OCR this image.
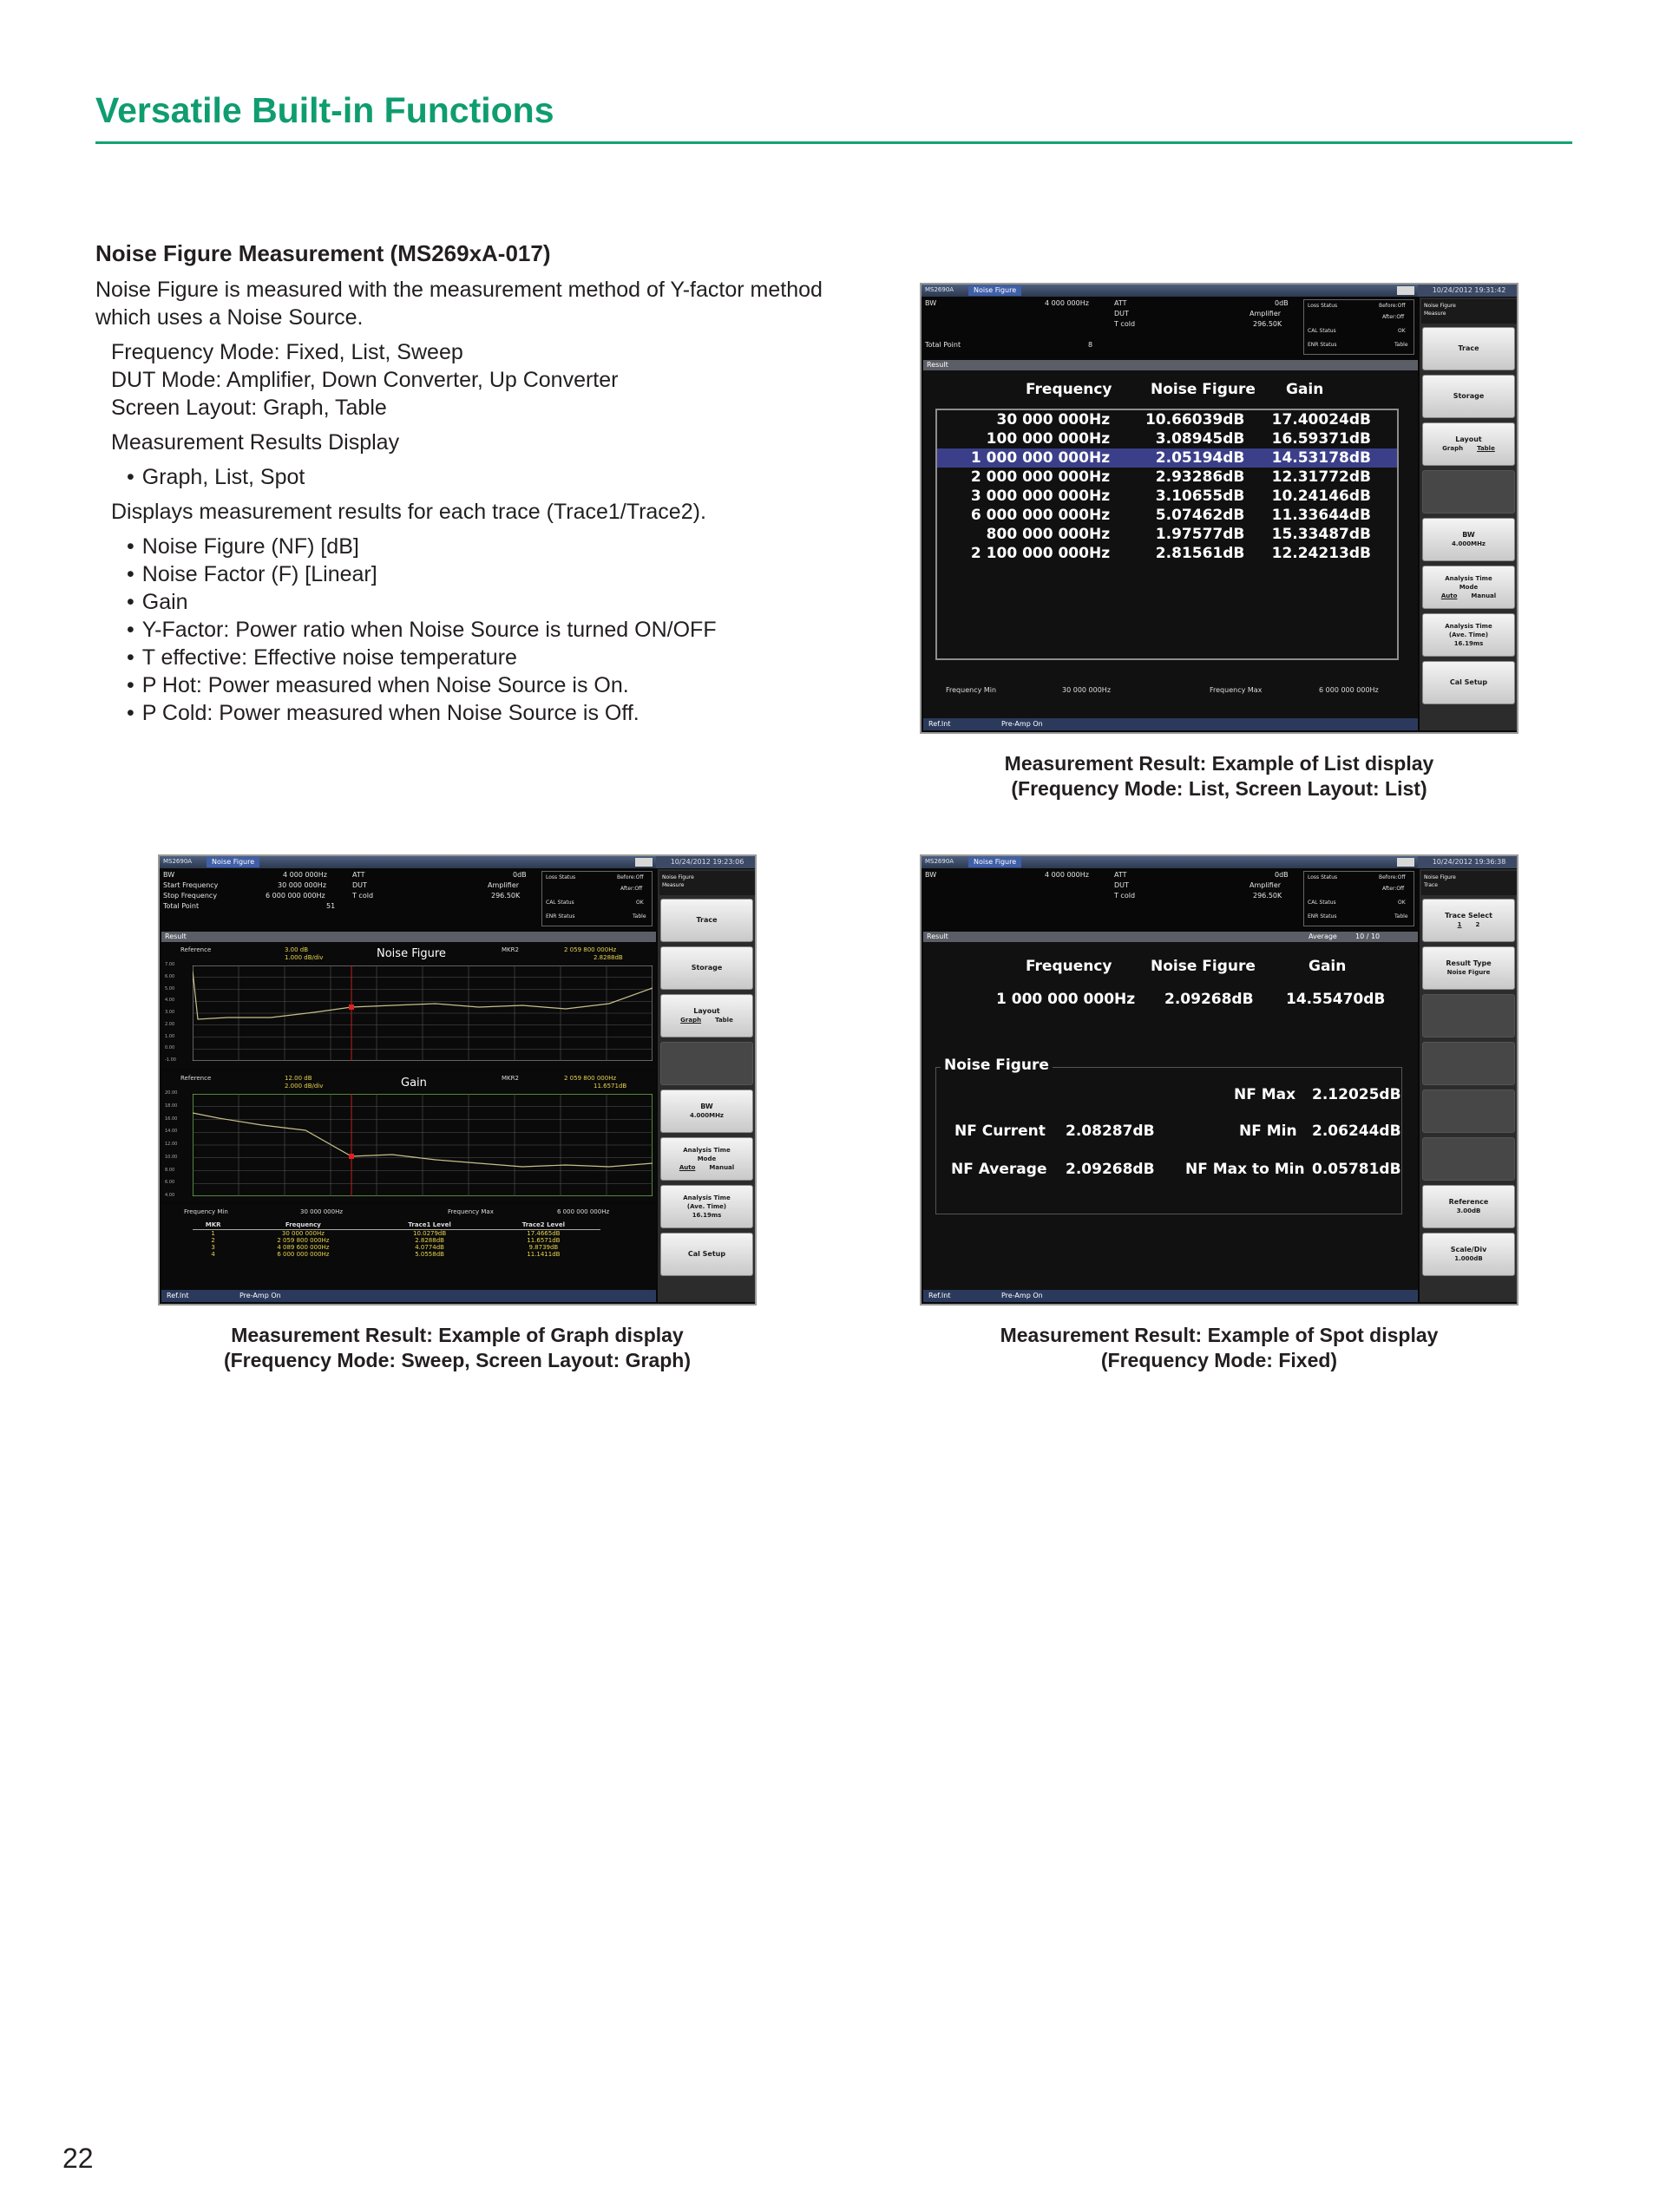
Versatile Built-in Functions
Noise Figure Measurement (MS269xA-017)
Noise Figure is measured with the measurement method of Y-factor method which uses a Noise Source.
Frequency Mode: Fixed, List, Sweep
DUT Mode: Amplifier, Down Converter, Up Converter
Screen Layout: Graph, Table
Measurement Results Display
• Graph, List, Spot
Displays measurement results for each trace (Trace1/Trace2).
• Noise Figure (NF) [dB]
• Noise Factor (F) [Linear]
• Gain
• Y-Factor: Power ratio when Noise Source is turned ON/OFF
• T effective: Effective noise temperature
• P Hot: Power measured when Noise Source is On.
• P Cold: Power measured when Noise Source is Off.
MS2690A	Noise Figure	10/24/2012 19:31:42
BW	4 000 000Hz	ATT	0dB
DUT	Amplifier
T cold	296.50K
Total Point	8
Loss Status	Before:Off
After:Off
CAL Status	OK
ENR Status	Table
Result
Frequency	Noise Figure Gain
30 000 000Hz	10.66039dB	17.40024dB
100 000 000Hz	3.08945dB	16.59371dB
1 000 000 000Hz	2.05194dB	14.53178dB
2 000 000 000Hz	2.93286dB	12.31772dB
3 000 000 000Hz	3.10655dB	10.24146dB
6 000 000 000Hz	5.07462dB	11.33644dB
800 000 000Hz	1.97577dB	15.33487dB
2 100 000 000Hz	2.81561dB	12.24213dB
Frequency Min	30 000 000Hz	Frequency Max	6 000 000 000Hz
Ref.Int	Pre-Amp On
Noise Figure
Measure
Trace
Storage
Layout
Graph Table
BW
4.000MHz
Analysis Time
Mode
Auto Manual
Analysis Time
(Ave. Time)
16.19ms
Cal Setup
Measurement Result: Example of List display
(Frequency Mode: List, Screen Layout: List)
MS2690A	Noise Figure	10/24/2012 19:23:06
BW	4 000 000Hz	ATT	0dB
Start Frequency	30 000 000Hz	DUT	Amplifier
Stop Frequency	6 000 000 000Hz	T cold	296.50K
Total Point	51
Loss Status	Before:Off
After:Off
CAL Status	OK
ENR Status	Table
Result
Reference	3.00 dB
1.000 dB/div	Noise Figure	MKR2	2 059 800 000Hz
2.8288dB
7.00
6.00
5.00
4.00
3.00
2.00
1.00
0.00
-1.00
Reference	12.00 dB
2.000 dB/div	Gain	MKR2	2 059 800 000Hz
11.6571dB
20.00
18.00
16.00
14.00
12.00
10.00
8.00
6.00
4.00
Frequency Min	30 000 000Hz	Frequency Max	6 000 000 000Hz
MKR	Frequency	Trace1 Level	Trace2 Level
1	30 000 000Hz	10.0279dB	17.4665dB
2	2 059 800 000Hz	2.8288dB	11.6571dB
3	4 089 600 000Hz	4.0774dB	9.8739dB
4	6 000 000 000Hz	5.0558dB	11.1411dB
Ref.Int	Pre-Amp On
Noise Figure
Measure
Trace
Storage
Layout
Graph Table
BW
4.000MHz
Analysis Time
Mode
Auto Manual
Analysis Time
(Ave. Time)
16.19ms
Cal Setup
Measurement Result: Example of Graph display
(Frequency Mode: Sweep, Screen Layout: Graph)
MS2690A	Noise Figure	10/24/2012 19:36:38
BW	4 000 000Hz	ATT	0dB
DUT	Amplifier
T cold	296.50K
Loss Status	Before:Off
After:Off
CAL Status	OK
ENR Status	Table
Result	Average	10 / 10
Frequency	Noise Figure	Gain
1 000 000 000Hz 2.09268dB 14.55470dB
Noise Figure
NF Max 2.12025dB
NF Current 2.08287dB	NF Min 2.06244dB
NF Average 2.09268dB NF Max to Min 0.05781dB
Ref.Int	Pre-Amp On
Noise Figure
Trace
Trace Select
1 2
Result Type
Noise Figure
Reference
3.00dB
Scale/Div
1.000dB
Measurement Result: Example of Spot display
(Frequency Mode: Fixed)
22
